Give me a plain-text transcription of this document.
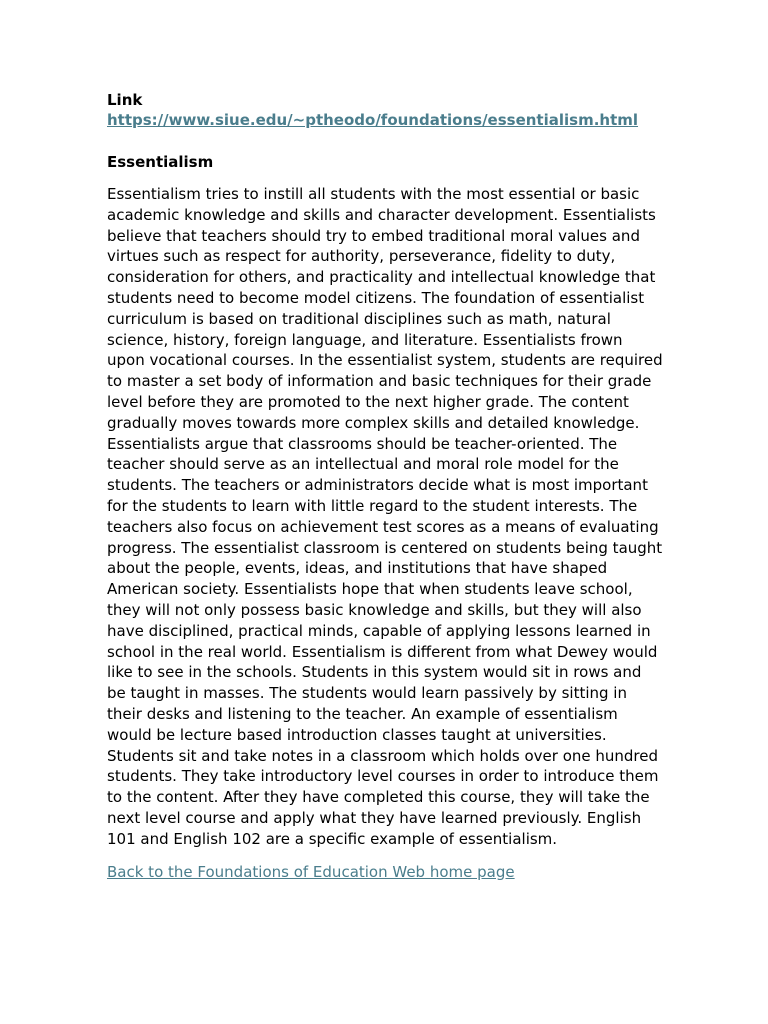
Link

https://www.siue.edu/~ptheodo/foundations/essentialism.html
Essentialism

Essentialism tries to instill all students with the most essential or basic academic knowledge and skills and character development. Essentialists believe that teachers should try to embed traditional moral values and virtues such as respect for authority, perseverance, fidelity to duty, consideration for others, and practicality and intellectual knowledge that students need to become model citizens. The foundation of essentialist curriculum is based on traditional disciplines such as math, natural science, history, foreign language, and literature. Essentialists frown upon vocational courses. In the essentialist system, students are required to master a set body of information and basic techniques for their grade level before they are promoted to the next higher grade. The content gradually moves towards more complex skills and detailed knowledge. Essentialists argue that classrooms should be teacher-oriented. The teacher should serve as an intellectual and moral role model for the students. The teachers or administrators decide what is most important for the students to learn with little regard to the student interests. The teachers also focus on achievement test scores as a means of evaluating progress. The essentialist classroom is centered on students being taught about the people, events, ideas, and institutions that have shaped American society. Essentialists hope that when students leave school, they will not only possess basic knowledge and skills, but they will also have disciplined, practical minds, capable of applying lessons learned in school in the real world. Essentialism is different from what Dewey would like to see in the schools. Students in this system would sit in rows and be taught in masses. The students would learn passively by sitting in their desks and listening to the teacher. An example of essentialism would be lecture based introduction classes taught at universities. Students sit and take notes in a classroom which holds over one hundred students. They take introductory level courses in order to introduce them to the content. After they have completed this course, they will take the next level course and apply what they have learned previously. English 101 and English 102 are a specific example of essentialism.

Back to the Foundations of Education Web home page
